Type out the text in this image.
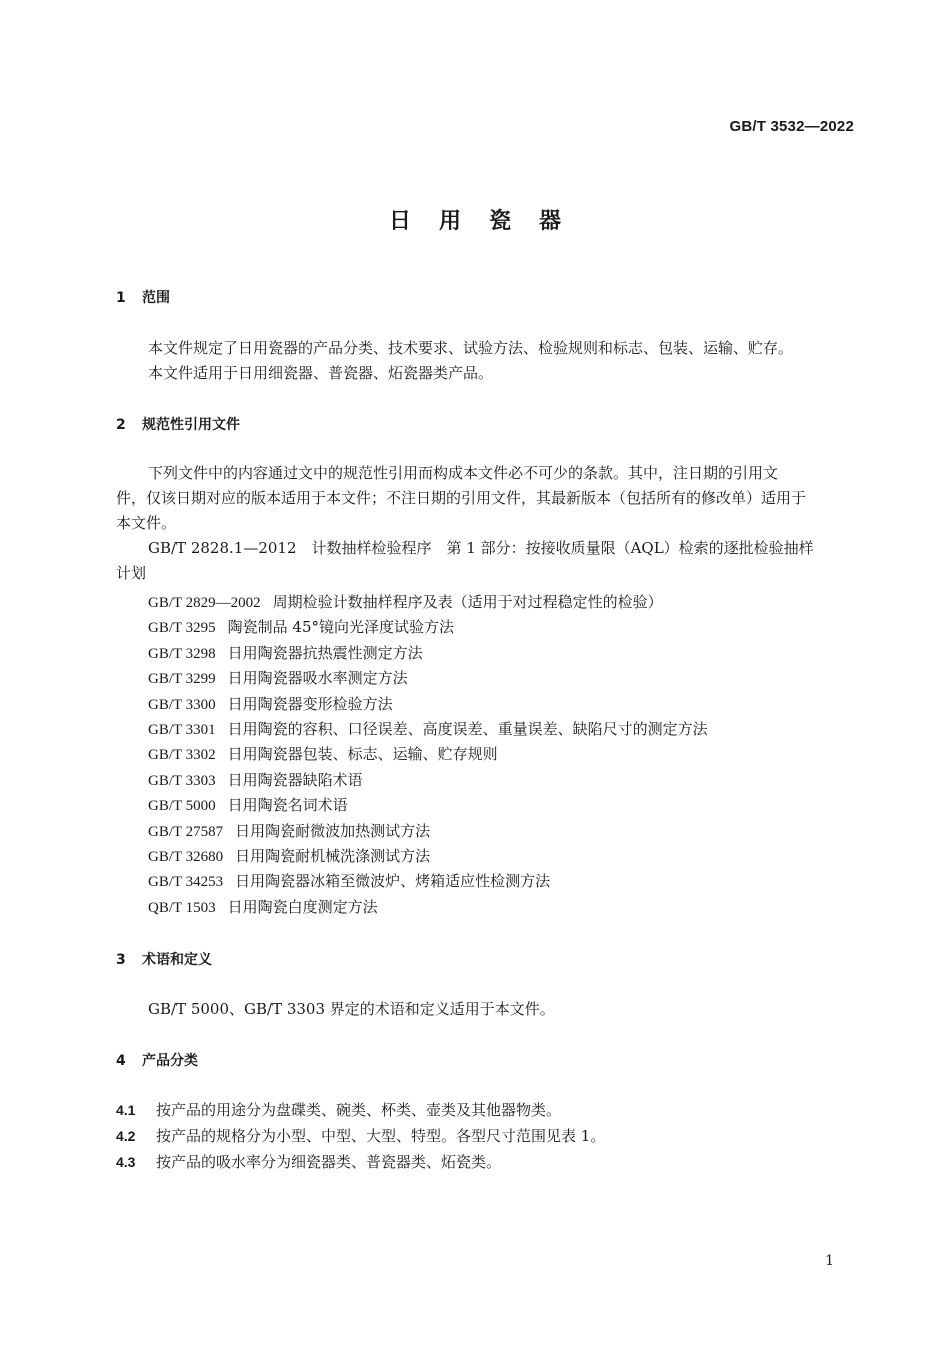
GB/T 3532—2022
日用瓷器
1 范围
本文件规定了日用瓷器的产品分类、技术要求、试验方法、检验规则和标志、包装、运输、贮存。
本文件适用于日用细瓷器、普瓷器、炻瓷器类产品。
2 规范性引用文件
下列文件中的内容通过文中的规范性引用而构成本文件必不可少的条款。其中，注日期的引用文
件，仅该日期对应的版本适用于本文件；不注日期的引用文件，其最新版本（包括所有的修改单）适用于
本文件。
GB/T 2828.1—2012　计数抽样检验程序　第 1 部分：按接收质量限（AQL）检索的逐批检验抽样
计划
GB/T 2829—2002 周期检验计数抽样程序及表（适用于对过程稳定性的检验）
GB/T 3295 陶瓷制品 45°镜向光泽度试验方法
GB/T 3298 日用陶瓷器抗热震性测定方法
GB/T 3299 日用陶瓷器吸水率测定方法
GB/T 3300 日用陶瓷器变形检验方法
GB/T 3301 日用陶瓷的容积、口径误差、高度误差、重量误差、缺陷尺寸的测定方法
GB/T 3302 日用陶瓷器包装、标志、运输、贮存规则
GB/T 3303 日用陶瓷器缺陷术语
GB/T 5000 日用陶瓷名词术语
GB/T 27587 日用陶瓷耐微波加热测试方法
GB/T 32680 日用陶瓷耐机械洗涤测试方法
GB/T 34253 日用陶瓷器冰箱至微波炉、烤箱适应性检测方法
QB/T 1503 日用陶瓷白度测定方法
3 术语和定义
GB/T 5000、GB/T 3303 界定的术语和定义适用于本文件。
4 产品分类
4.1 按产品的用途分为盘碟类、碗类、杯类、壶类及其他器物类。
4.2 按产品的规格分为小型、中型、大型、特型。各型尺寸范围见表 1。
4.3 按产品的吸水率分为细瓷器类、普瓷器类、炻瓷类。
1
